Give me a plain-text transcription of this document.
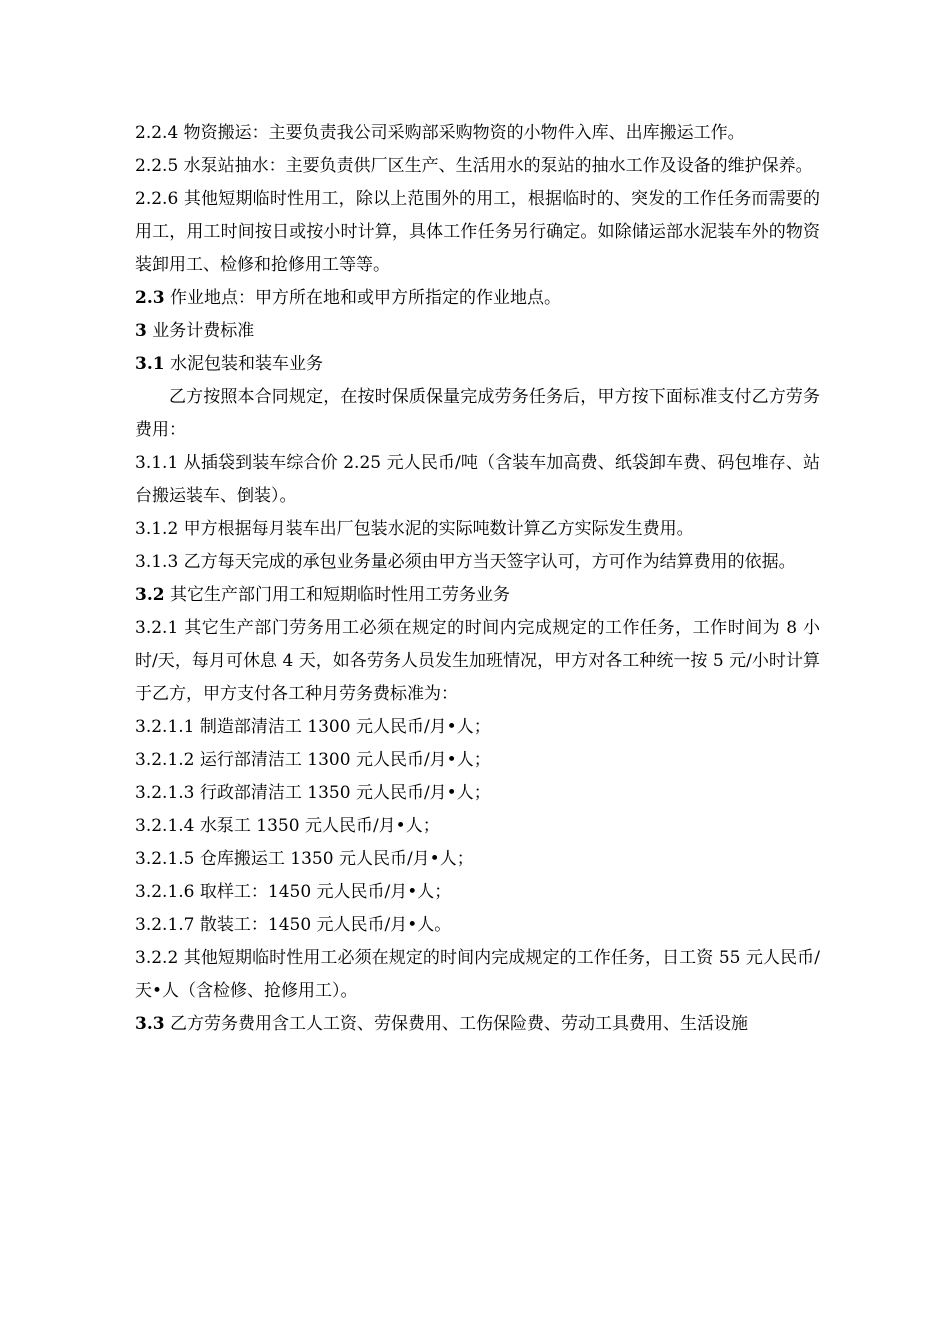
2.2.4 物资搬运：主要负责我公司采购部采购物资的小物件入库、出库搬运工作。

2.2.5 水泵站抽水：主要负责供厂区生产、生活用水的泵站的抽水工作及设备的维护保养。

2.2.6 其他短期临时性用工，除以上范围外的用工，根据临时的、突发的工作任务而需要的用工，用工时间按日或按小时计算，具体工作任务另行确定。如除储运部水泥装车外的物资装卸用工、检修和抢修用工等等。

2.3 作业地点：甲方所在地和或甲方所指定的作业地点。

3 业务计费标准

3.1 水泥包装和装车业务

乙方按照本合同规定，在按时保质保量完成劳务任务后，甲方按下面标准支付乙方劳务费用：

3.1.1 从插袋到装车综合价 2.25 元人民币/吨（含装车加高费、纸袋卸车费、码包堆存、站台搬运装车、倒装）。

3.1.2 甲方根据每月装车出厂包装水泥的实际吨数计算乙方实际发生费用。

3.1.3 乙方每天完成的承包业务量必须由甲方当天签字认可，方可作为结算费用的依据。

3.2 其它生产部门用工和短期临时性用工劳务业务

3.2.1 其它生产部门劳务用工必须在规定的时间内完成规定的工作任务，工作时间为 8 小时/天，每月可休息 4 天，如各劳务人员发生加班情况，甲方对各工种统一按 5 元/小时计算于乙方，甲方支付各工种月劳务费标准为：

3.2.1.1 制造部清洁工 1300 元人民币/月•人；

3.2.1.2 运行部清洁工 1300 元人民币/月•人；

3.2.1.3 行政部清洁工 1350 元人民币/月•人；

3.2.1.4 水泵工 1350 元人民币/月•人；

3.2.1.5 仓库搬运工 1350 元人民币/月•人；

3.2.1.6 取样工：1450 元人民币/月•人；

3.2.1.7 散装工：1450 元人民币/月•人。

3.2.2 其他短期临时性用工必须在规定的时间内完成规定的工作任务，日工资 55 元人民币/天•人（含检修、抢修用工）。

3.3 乙方劳务费用含工人工资、劳保费用、工伤保险费、劳动工具费用、生活设施
